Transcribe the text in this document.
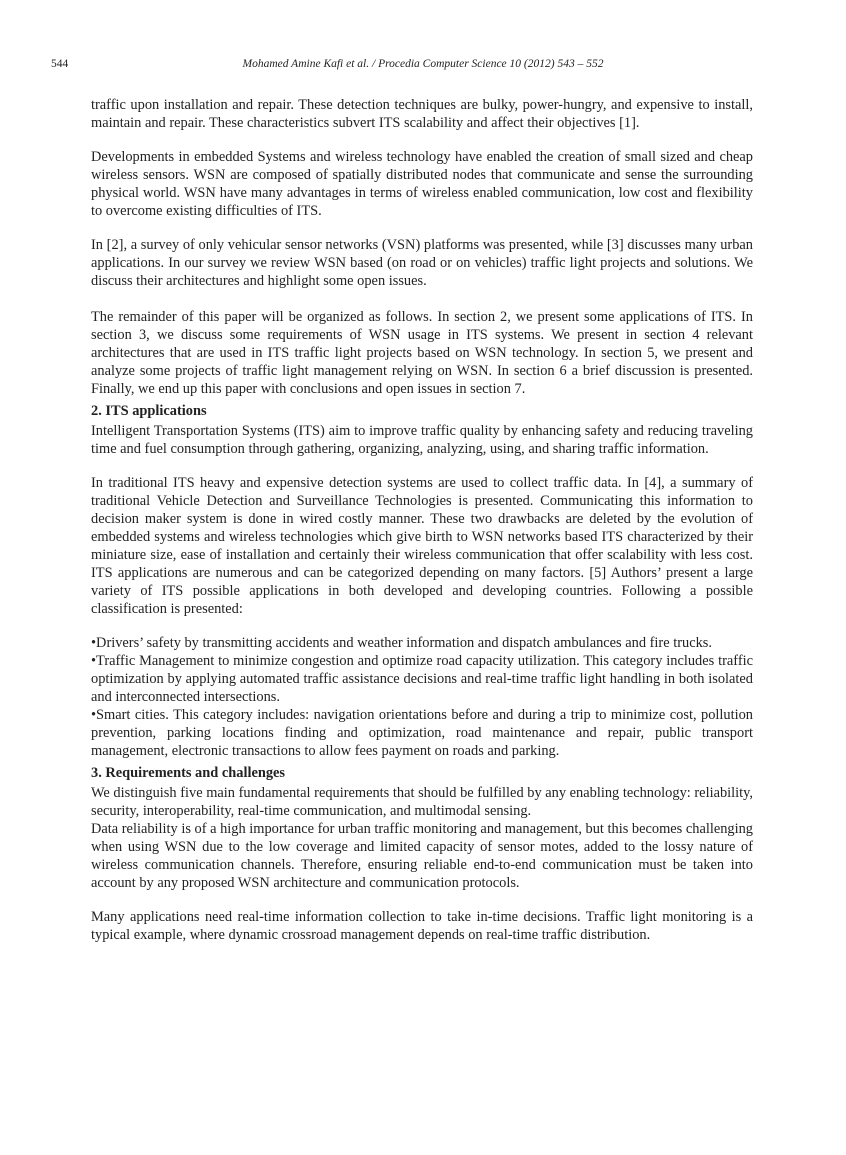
544	Mohamed Amine Kafi et al. / Procedia Computer Science 10 (2012) 543 – 552

traffic upon installation and repair. These detection techniques are bulky, power-hungry, and expensive to install, maintain and repair. These characteristics subvert ITS scalability and affect their objectives [1].

Developments in embedded Systems and wireless technology have enabled the creation of small sized and cheap wireless sensors. WSN are composed of spatially distributed nodes that communicate and sense the surrounding physical world. WSN have many advantages in terms of wireless enabled communication, low cost and flexibility to overcome existing difficulties of ITS.

In [2], a survey of only vehicular sensor networks (VSN) platforms was presented, while [3] discusses many urban applications. In our survey we review WSN based (on road or on vehicles) traffic light projects and solutions. We discuss their architectures and highlight some open issues.

The remainder of this paper will be organized as follows. In section 2, we present some applications of ITS. In section 3, we discuss some requirements of WSN usage in ITS systems. We present in section 4 relevant architectures that are used in ITS traffic light projects based on WSN technology. In section 5, we present and analyze some projects of traffic light management relying on WSN. In section 6 a brief discussion is presented. Finally, we end up this paper with conclusions and open issues in section 7.

2. ITS applications

Intelligent Transportation Systems (ITS) aim to improve traffic quality by enhancing safety and reducing traveling time and fuel consumption through gathering, organizing, analyzing, using, and sharing traffic information.

In traditional ITS heavy and expensive detection systems are used to collect traffic data. In [4], a summary of traditional Vehicle Detection and Surveillance Technologies is presented. Communicating this information to decision maker system is done in wired costly manner. These two drawbacks are deleted by the evolution of embedded systems and wireless technologies which give birth to WSN networks based ITS characterized by their miniature size, ease of installation and certainly their wireless communication that offer scalability with less cost. ITS applications are numerous and can be categorized depending on many factors. [5] Authors’ present a large variety of ITS possible applications in both developed and developing countries. Following a possible classification is presented:

• Drivers’ safety by transmitting accidents and weather information and dispatch ambulances and fire trucks.

• Traffic Management to minimize congestion and optimize road capacity utilization. This category includes traffic optimization by applying automated traffic assistance decisions and real-time traffic light handling in both isolated and interconnected intersections.

• Smart cities. This category includes: navigation orientations before and during a trip to minimize cost, pollution prevention, parking locations finding and optimization, road maintenance and repair, public transport management, electronic transactions to allow fees payment on roads and parking.

3. Requirements and challenges

We distinguish five main fundamental requirements that should be fulfilled by any enabling technology: reliability, security, interoperability, real-time communication, and multimodal sensing.

Data reliability is of a high importance for urban traffic monitoring and management, but this becomes challenging when using WSN due to the low coverage and limited capacity of sensor motes, added to the lossy nature of wireless communication channels. Therefore, ensuring reliable end-to-end communication must be taken into account by any proposed WSN architecture and communication protocols.

Many applications need real-time information collection to take in-time decisions. Traffic light monitoring is a typical example, where dynamic crossroad management depends on real-time traffic distribution.
